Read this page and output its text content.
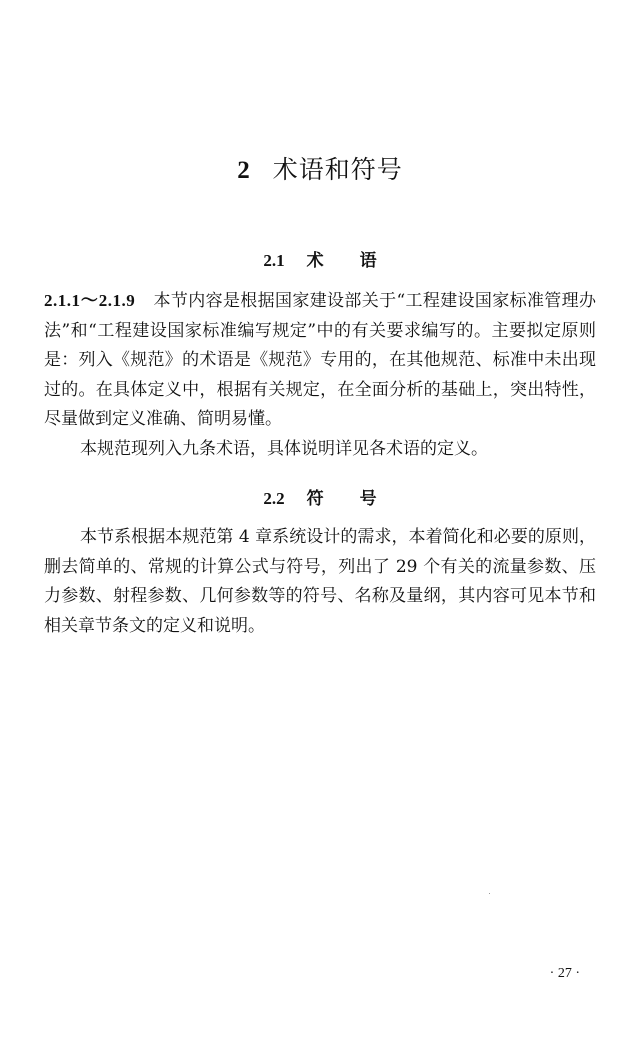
2 术语和符号
2.1 术 语
2.1.1～2.1.9 本节内容是根据国家建设部关于“工程建设国家标准管理办法”和“工程建设国家标准编写规定”中的有关要求编写的。主要拟定原则是：列入《规范》的术语是《规范》专用的，在其他规范、标准中未出现过的。在具体定义中，根据有关规定，在全面分析的基础上，突出特性，尽量做到定义准确、简明易懂。
本规范现列入九条术语，具体说明详见各术语的定义。
2.2 符 号
本节系根据本规范第 4 章系统设计的需求，本着简化和必要的原则，删去简单的、常规的计算公式与符号，列出了 29 个有关的流量参数、压力参数、射程参数、几何参数等的符号、名称及量纲，其内容可见本节和相关章节条文的定义和说明。
· 27 ·
